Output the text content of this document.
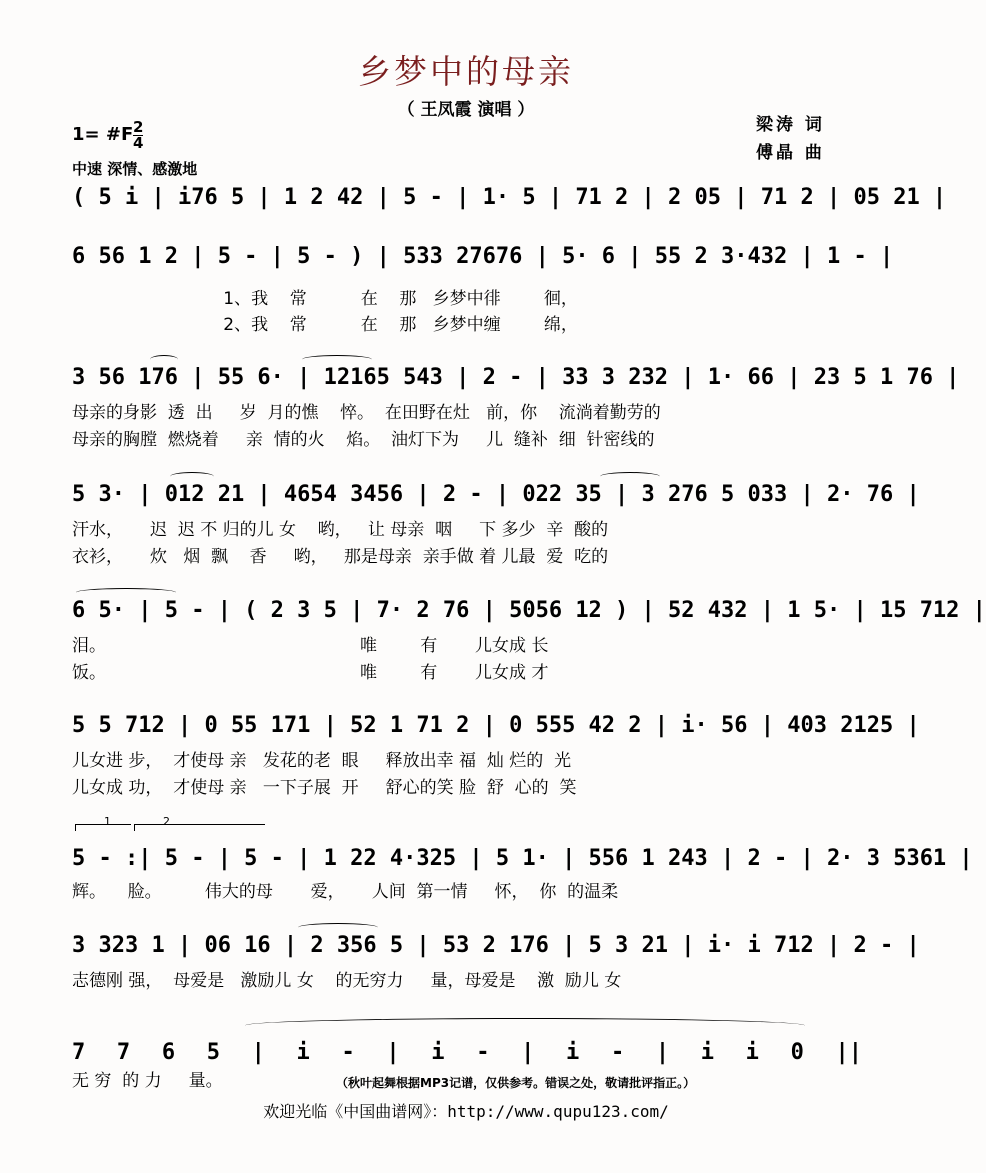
乡梦中的母亲
（ 王凤霞 演唱 ）
梁涛 词
傅晶 曲
1= #F 2
4
中速 深情、感激地
( 5 i | i76 5 | 1 2 42 | 5 - | 1· 5 | 71 2 | 2 05 | 71 2 | 05 21 |
6 56 1 2 | 5 - | 5 - ) | 533 27676 | 5· 6 | 55 2 3·432 | 1 - |
1、我    常          在    那   乡梦中徘        徊，
2、我    常          在    那   乡梦中缠        绵，
3 56 176 | 55 6· | 12165 543 | 2 - | 33 3 232 | 1· 66 | 23 5 1 76 |
母亲的身影  透  出     岁  月的憔    悴。  在田野在灶   前，你    流淌着勤劳的
母亲的胸膛  燃烧着     亲  情的火    焰。  油灯下为     儿  缝补  细  针密线的
5 3· | 012 21 | 4654 3456 | 2 - | 022 35 | 3 276 5 033 | 2· 76 |
汗水，     迟  迟 不 归的儿 女    哟，   让 母亲  咽     下 多少  辛  酸的
衣衫，     炊   烟  飘    香     哟，   那是母亲  亲手做 着 儿最  爱  吃的
6 5· | 5 - | ( 2 3 5 | 7· 2 76 | 5056 12 ) | 52 432 | 1 5· | 15 712 |
泪。                                               唯        有       儿女成 长
饭。                                               唯        有       儿女成 才
5 5 712 | 0 55 171 | 52 1 71 2 | 0 555 42 2 | i· 56 | 403 2125 |
儿女进 步，  才使母 亲   发花的老  眼     释放出幸 福  灿 烂的  光
儿女成 功，  才使母 亲   一下子展  开     舒心的笑 脸  舒  心的  笑
1	2
5 - :| 5 - | 5 - | 1 22 4·325 | 5 1· | 556 1 243 | 2 - | 2· 3 5361 |
辉。    脸。        伟大的母       爱，     人间  第一情     怀，  你  的温柔
3 323 1 | 06 16 | 2 356 5 | 53 2 176 | 5 3 21 | i· i 712 | 2 - |
志德刚 强，  母爱是   激励儿 女    的无穷力     量，母爱是    激  励儿 女
7 7 6 5 | i - | i - | i - | i i 0 ||
无 穷  的 力     量。	（秋叶起舞根据MP3记谱，仅供参考。错误之处，敬请批评指正。）
欢迎光临《中国曲谱网》：http://www.qupu123.com/
